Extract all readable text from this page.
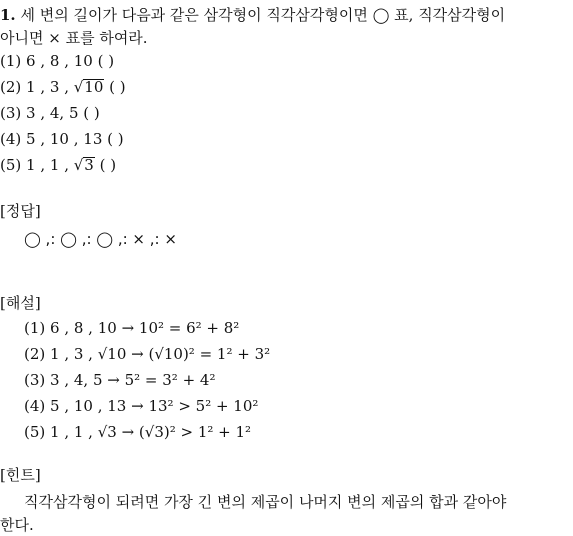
1. 세 변의 길이가 다음과 같은 삼각형이 직각삼각형이면 ◯ 표, 직각삼각형이
아니면 × 표를 하여라.
(1) 6 , 8 , 10 ( )
(2) 1 , 3 , √10 ( )
(3) 3 , 4, 5 ( )
(4) 5 , 10 , 13 ( )
(5) 1 , 1 , √3 ( )
[정답]
◯ ,: ◯ ,: ◯ ,: × ,: ×
[해설]
(1) 6 , 8 , 10 → 10² = 6² + 8²
(2) 1 , 3 , √10 → (√10)² = 1² + 3²
(3) 3 , 4, 5 → 5² = 3² + 4²
(4) 5 , 10 , 13 → 13² > 5² + 10²
(5) 1 , 1 , √3 → (√3)² > 1² + 1²
[힌트]
직각삼각형이 되려면 가장 긴 변의 제곱이 나머지 변의 제곱의 합과 같아야
한다.
